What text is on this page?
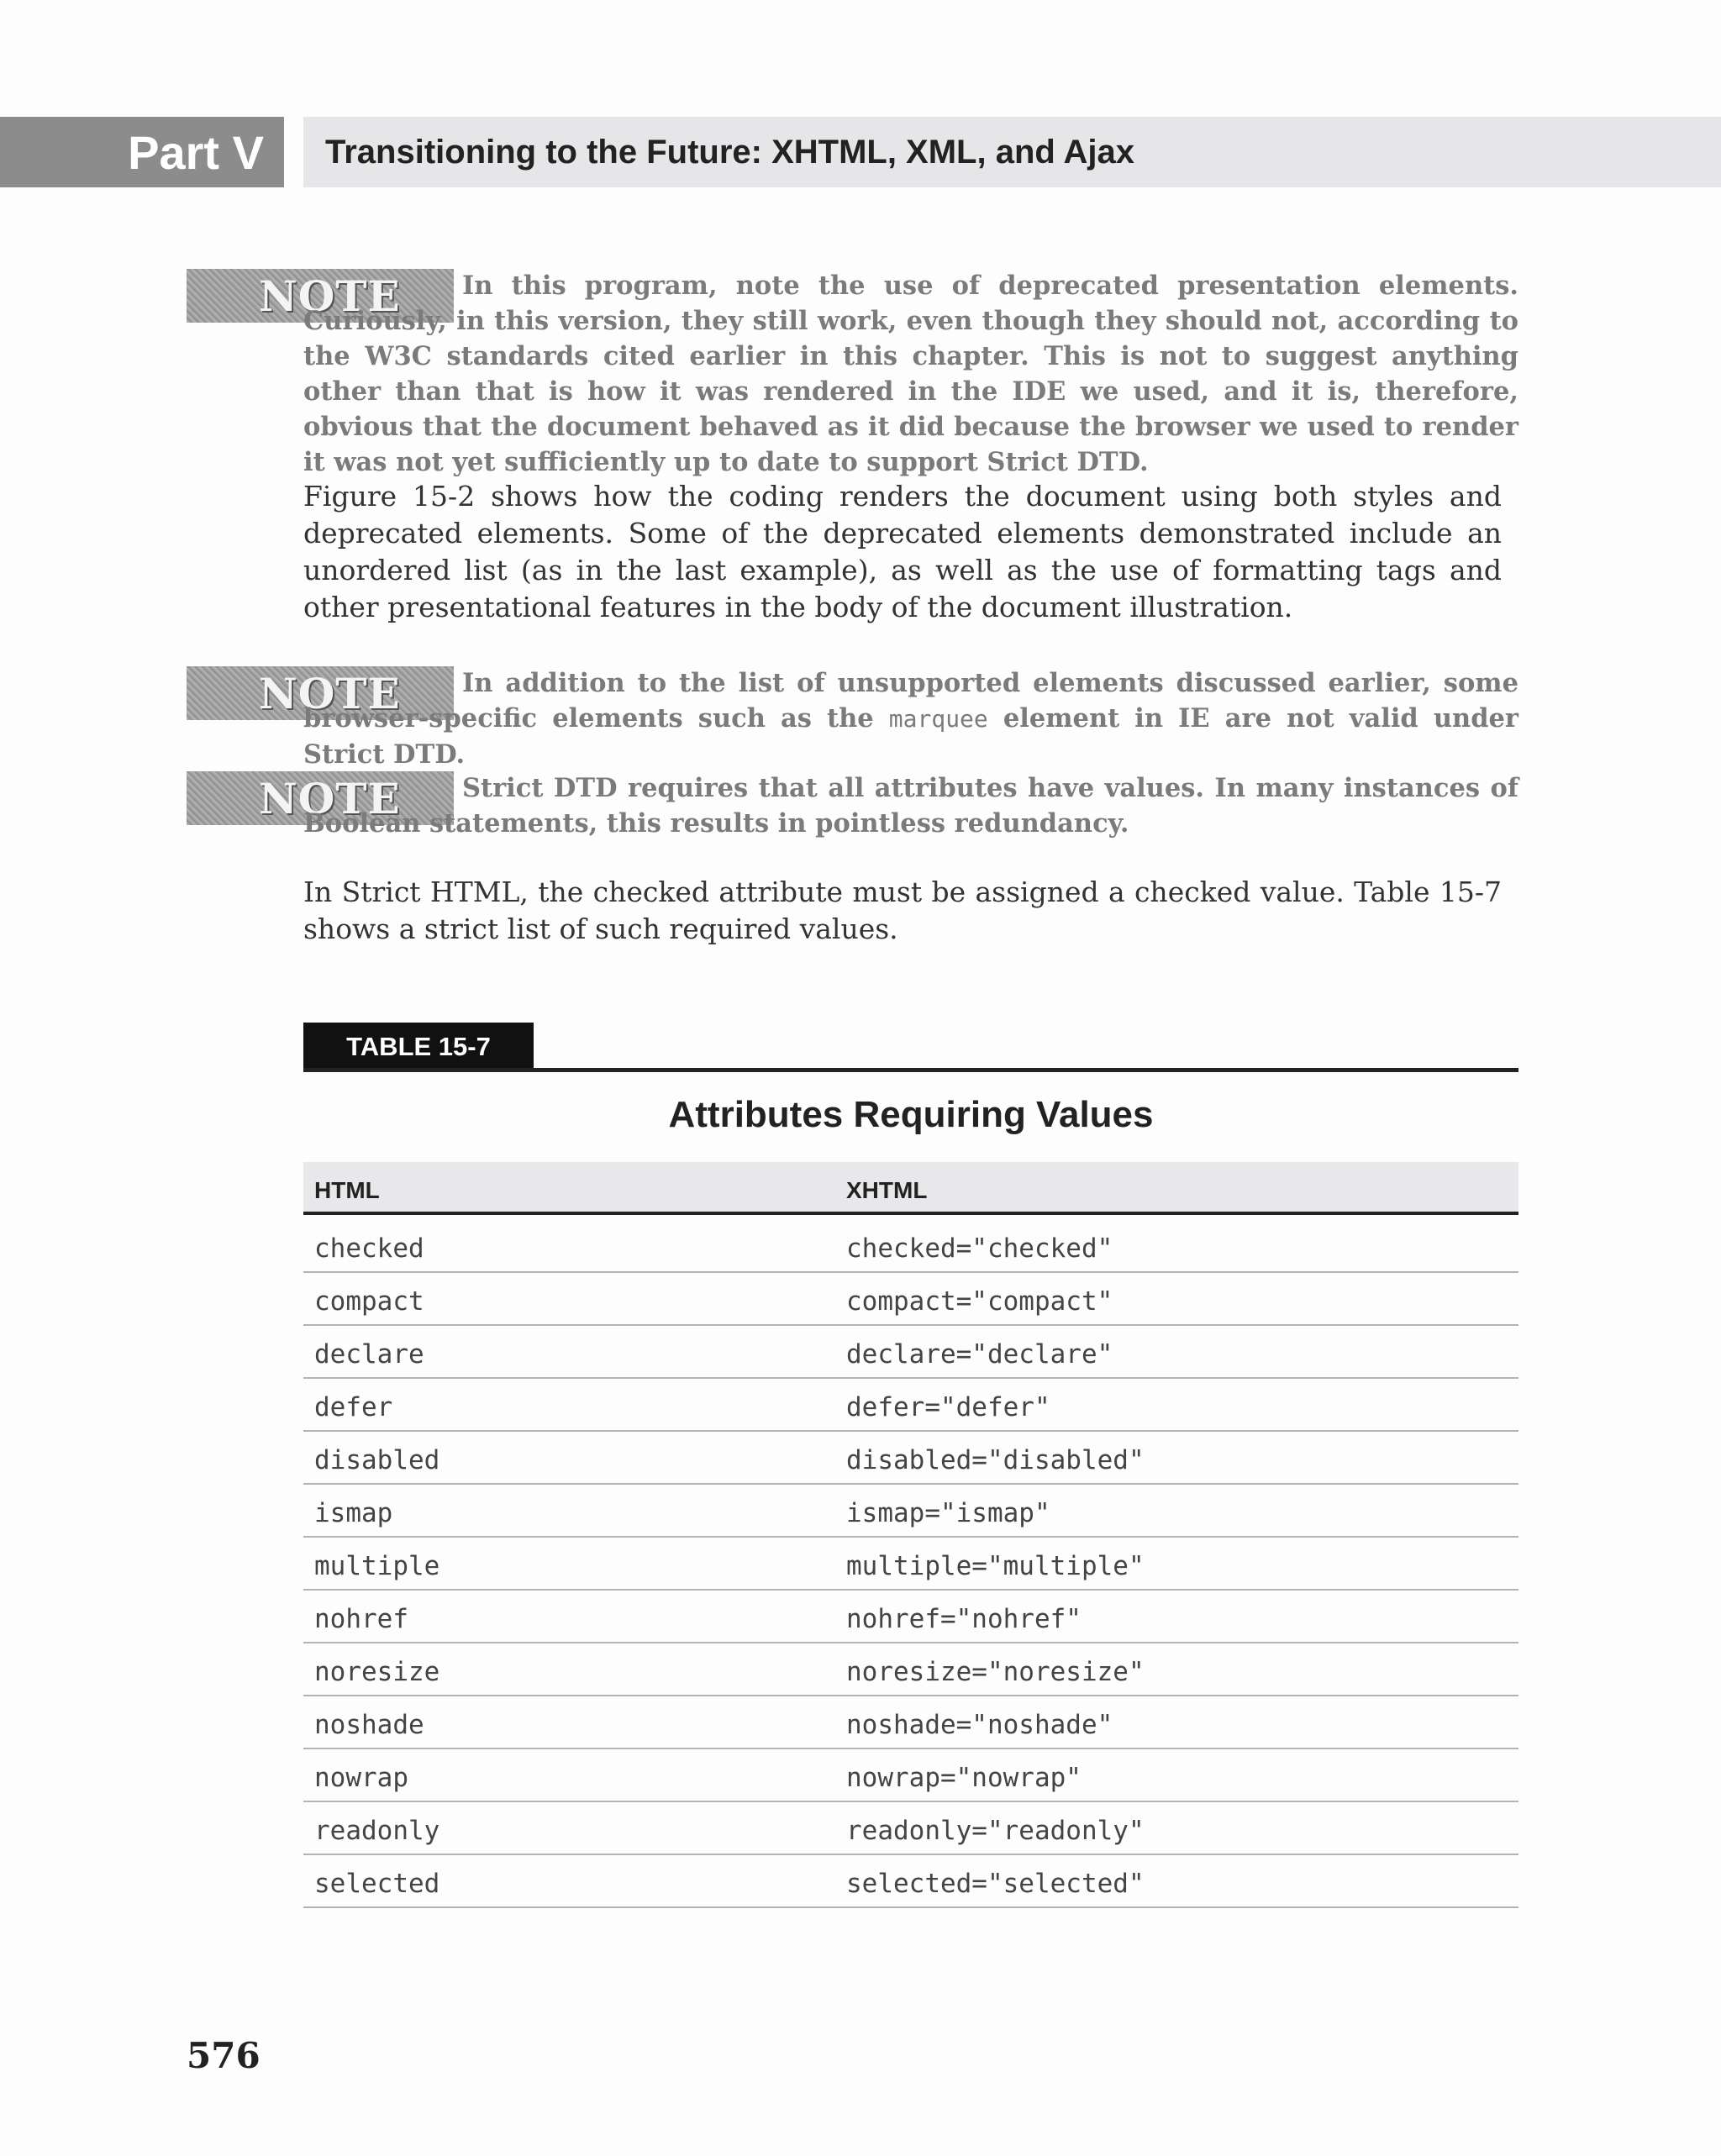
Part V	Transitioning to the Future: XHTML, XML, and Ajax
NOTE	In this program, note the use of deprecated presentation elements. Curiously, in this version, they still work, even though they should not, according to the W3C standards cited earlier in this chapter. This is not to suggest anything other than that is how it was rendered in the IDE we used, and it is, therefore, obvious that the document behaved as it did because the browser we used to render it was not yet sufficiently up to date to support Strict DTD.
Figure 15-2 shows how the coding renders the document using both styles and deprecated elements. Some of the deprecated elements demonstrated include an unordered list (as in the last example), as well as the use of formatting tags and other presentational features in the body of the document illustration.
NOTE	In addition to the list of unsupported elements discussed earlier, some browser-specific elements such as the marquee element in IE are not valid under Strict DTD.
NOTE	Strict DTD requires that all attributes have values. In many instances of Boolean statements, this results in pointless redundancy.
In Strict HTML, the checked attribute must be assigned a checked value. Table 15-7 shows a strict list of such required values.
TABLE 15-7
Attributes Requiring Values
HTML	XHTML
checked	checked="checked"
compact	compact="compact"
declare	declare="declare"
defer	defer="defer"
disabled	disabled="disabled"
ismap	ismap="ismap"
multiple	multiple="multiple"
nohref	nohref="nohref"
noresize	noresize="noresize"
noshade	noshade="noshade"
nowrap	nowrap="nowrap"
readonly	readonly="readonly"
selected	selected="selected"
576
